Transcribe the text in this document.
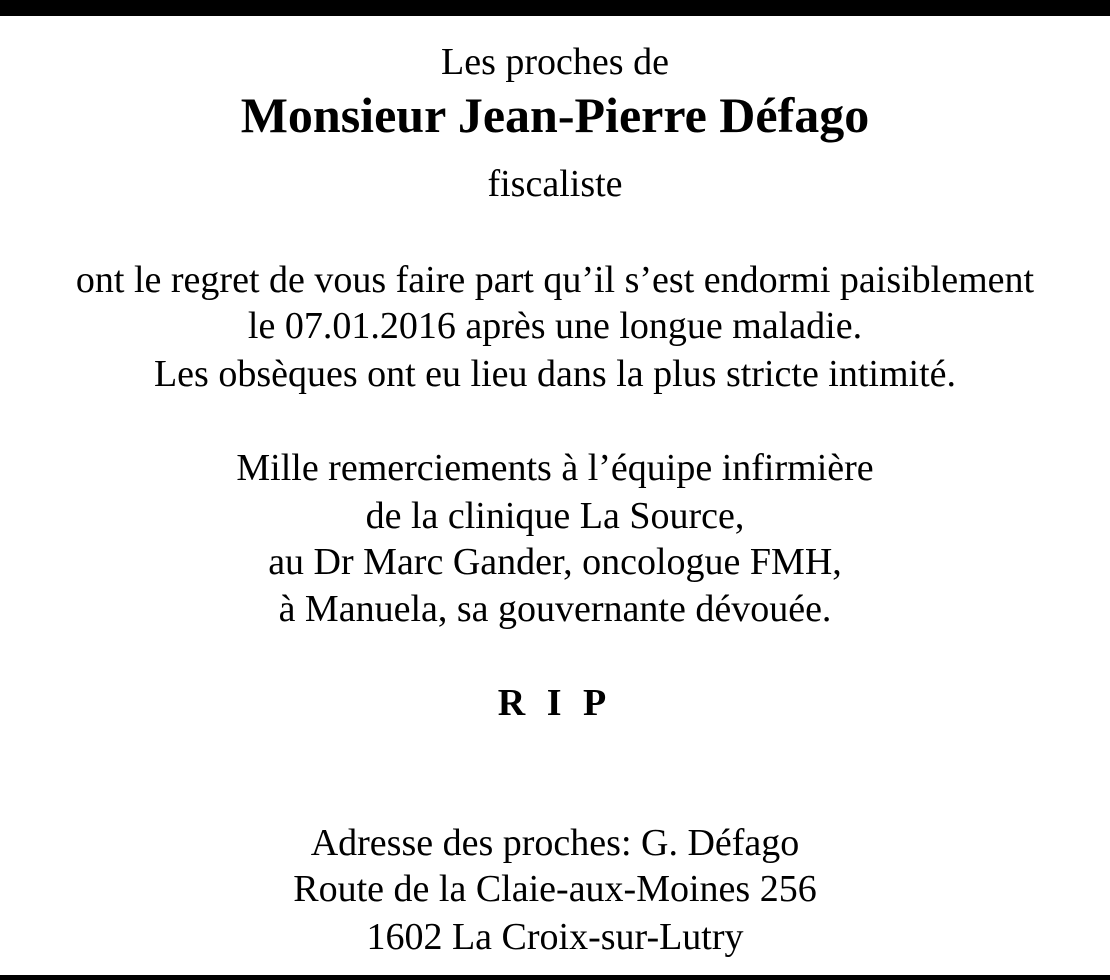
Les proches de
Monsieur Jean-Pierre Défago
fiscaliste
ont le regret de vous faire part qu’il s’est endormi paisiblement
le 07.01.2016 après une longue maladie.
Les obsèques ont eu lieu dans la plus stricte intimité.
Mille remerciements à l’équipe infirmière
de la clinique La Source,
au Dr Marc Gander, oncologue FMH,
à Manuela, sa gouvernante dévouée.
R I P
Adresse des proches: G. Défago
Route de la Claie-aux-Moines 256
1602 La Croix-sur-Lutry
